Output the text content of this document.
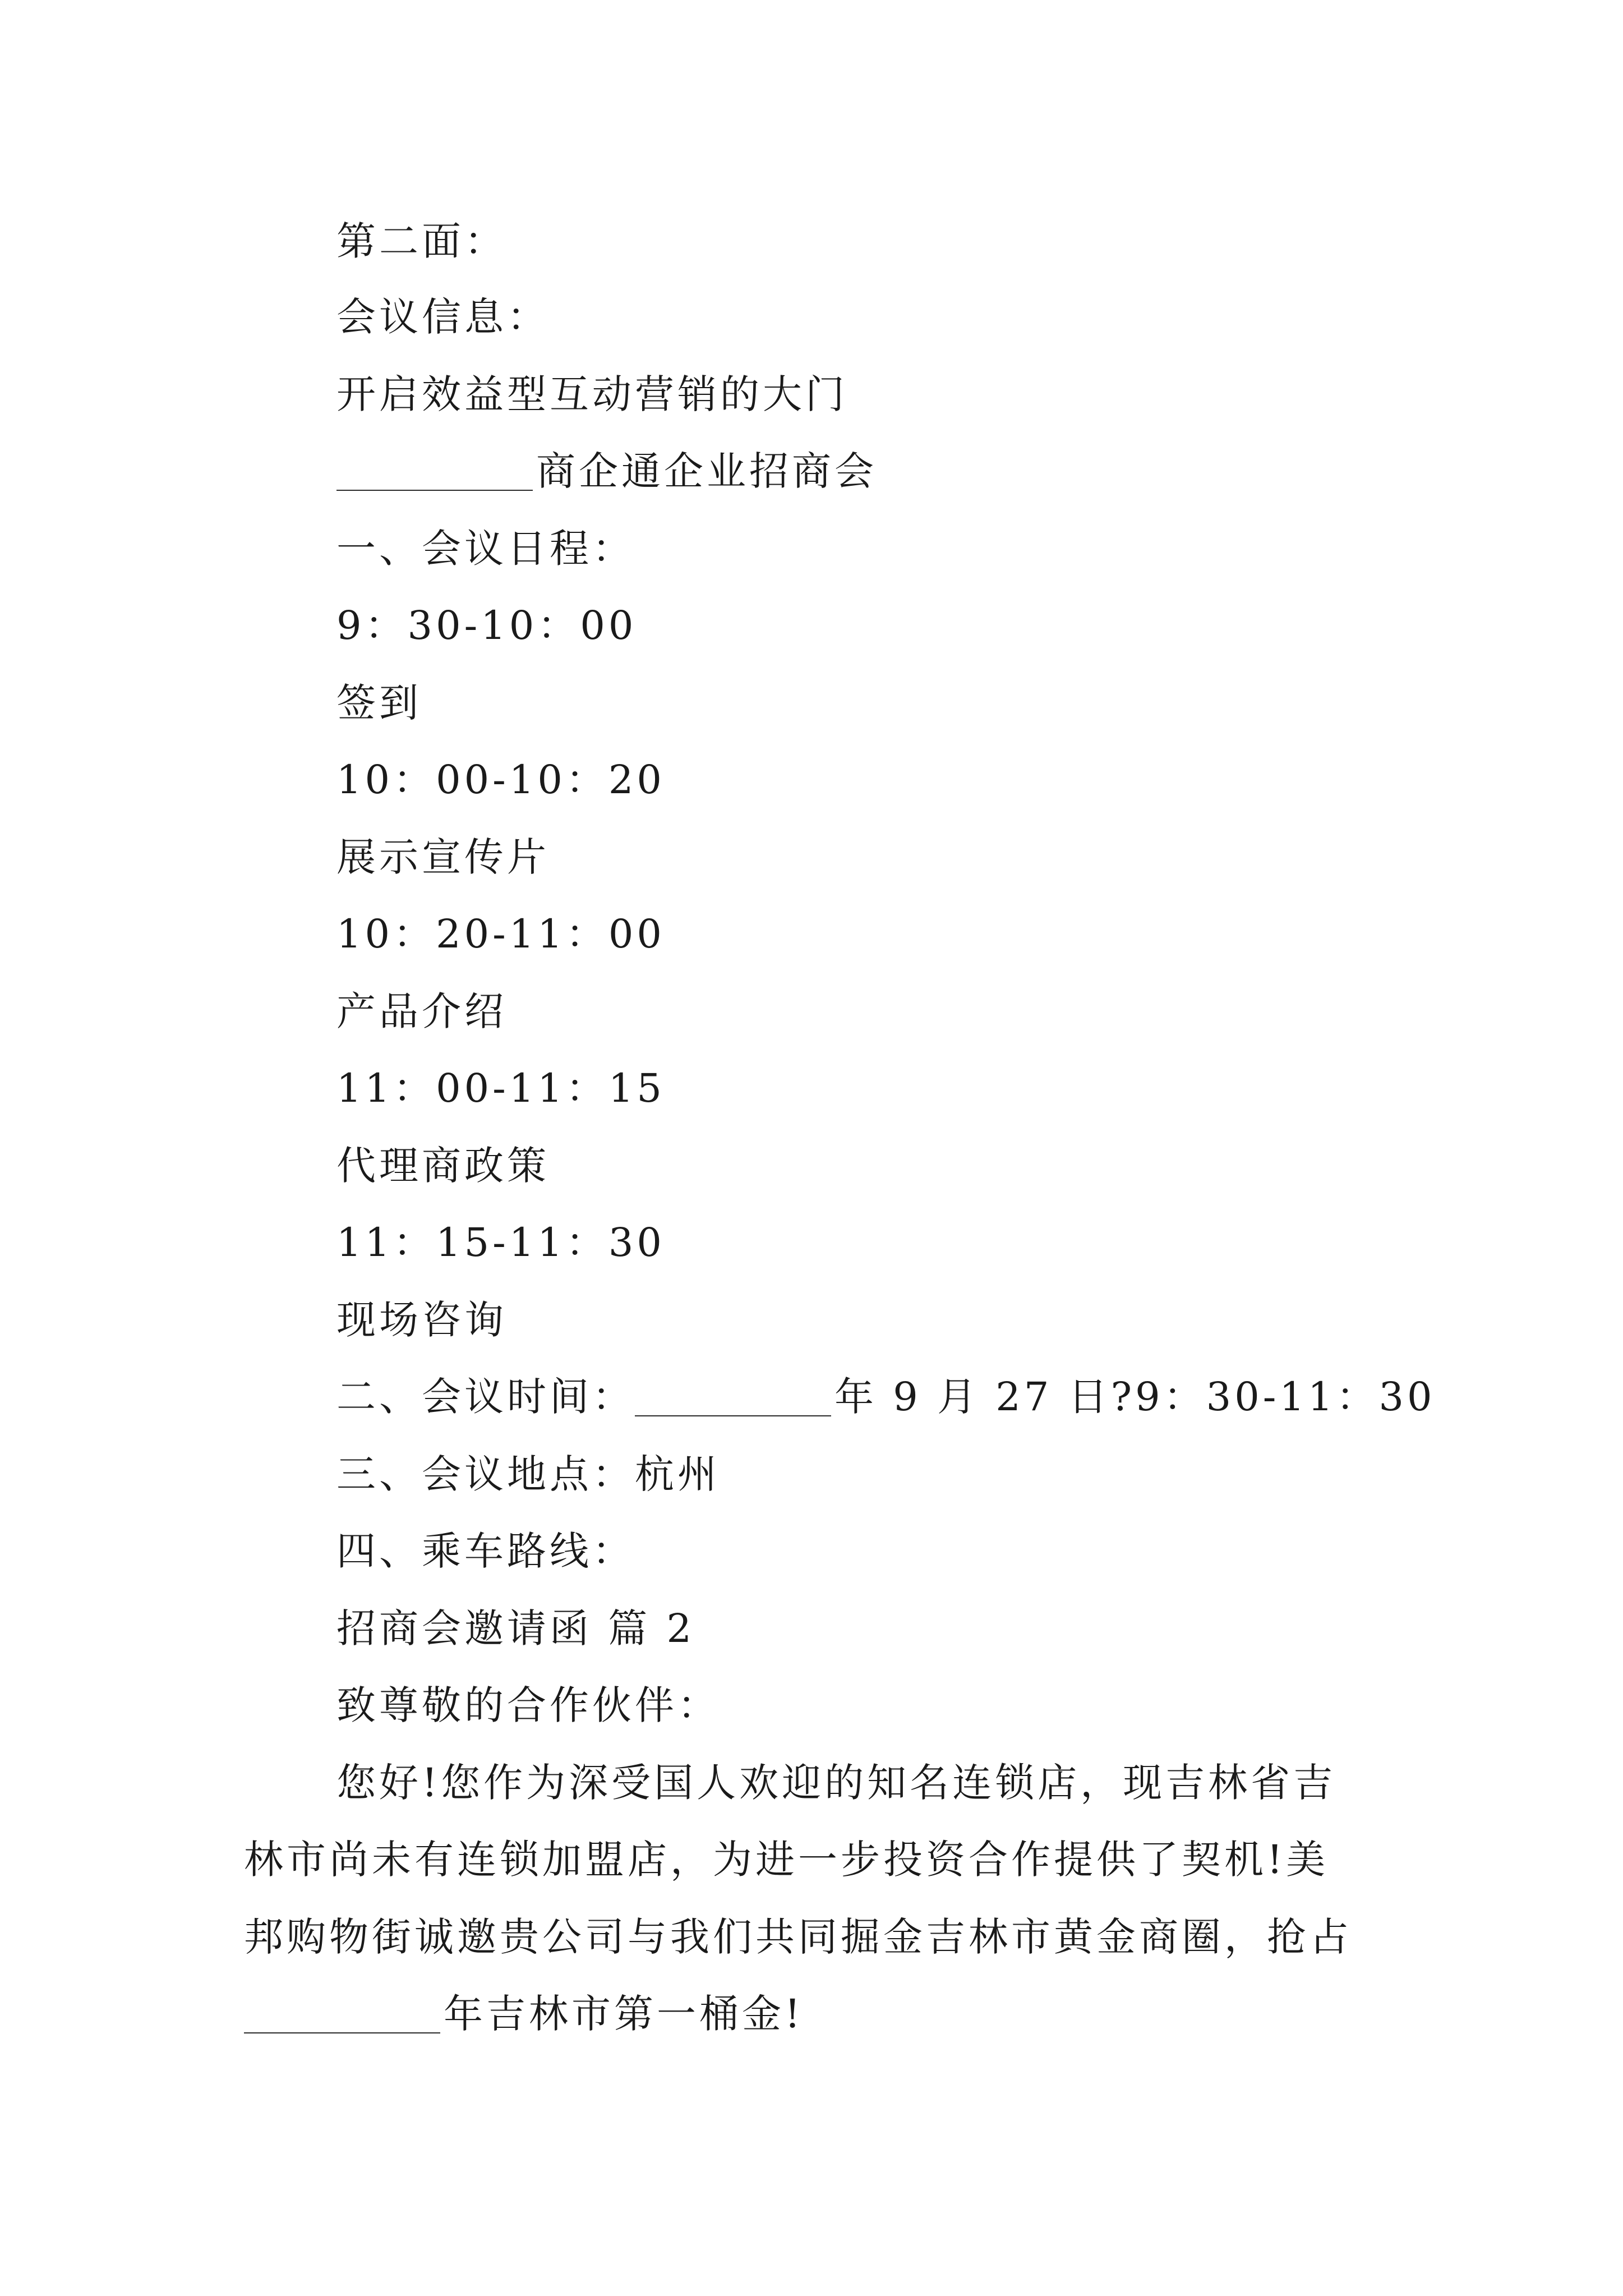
第二面：
会议信息：
开启效益型互动营销的大门
商企通企业招商会
一、会议日程：
9：30-10：00
签到
10：00-10：20
展示宣传片
10：20-11：00
产品介绍
11：00-11：15
代理商政策
11：15-11：30
现场咨询
二、会议时间：	年 9 月 27 日?9：30-11：30
三、会议地点：杭州
四、乘车路线：
招商会邀请函 篇 2
致尊敬的合作伙伴：
您好!您作为深受国人欢迎的知名连锁店，现吉林省吉
林市尚未有连锁加盟店，为进一步投资合作提供了契机!美
邦购物街诚邀贵公司与我们共同掘金吉林市黄金商圈，抢占
年吉林市第一桶金!
